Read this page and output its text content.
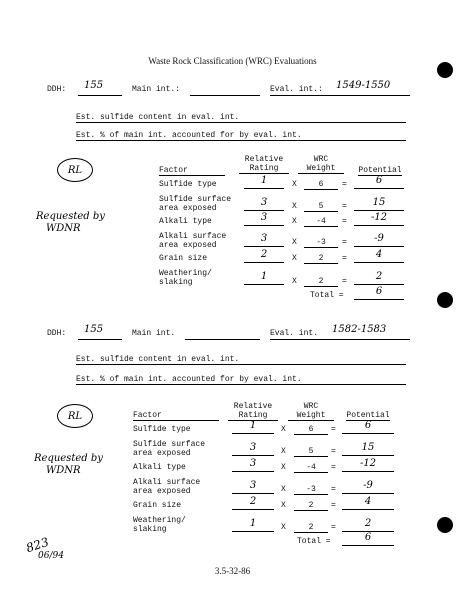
Waste Rock Classification (WRC) Evaluations
DDH: 155	Main int.:	Eval. int.: 1549-1550
Est. sulfide content in eval. int.
Est. % of main int. accounted for by eval. int.
RL
Requested by
WDNR
Relative
Rating
WRC
Weight	Potential
Factor
Sulfide type	1	X	6	=	6
Sulfide surface
area exposed
3	X	5	=	15
Alkali type	3	X	-4	=	-12
Alkali surface
area exposed
3	X	-3	=	-9
Grain size	2	X	2	=	4
Weathering/
slaking
1	X	2	=	2
Total =	6
DDH: 155	Main int.	Eval. int. 1582-1583
Est. sulfide content in eval. int.
Est. % of main int. accounted for by eval. int.
RL
Requested by
WDNR
Relative
Rating
WRC
Weight	Potential
Factor
Sulfide type	1	X	6	=	6
Sulfide surface
area exposed
3	X	5	=	15
Alkali type	3	X	-4	=	-12
Alkali surface
area exposed
3	X	-3	=	-9
Grain size	2	X	2	=	4
Weathering/
slaking
1	X	2	=	2
Total =	6
823
06/94
3.5-32-86
